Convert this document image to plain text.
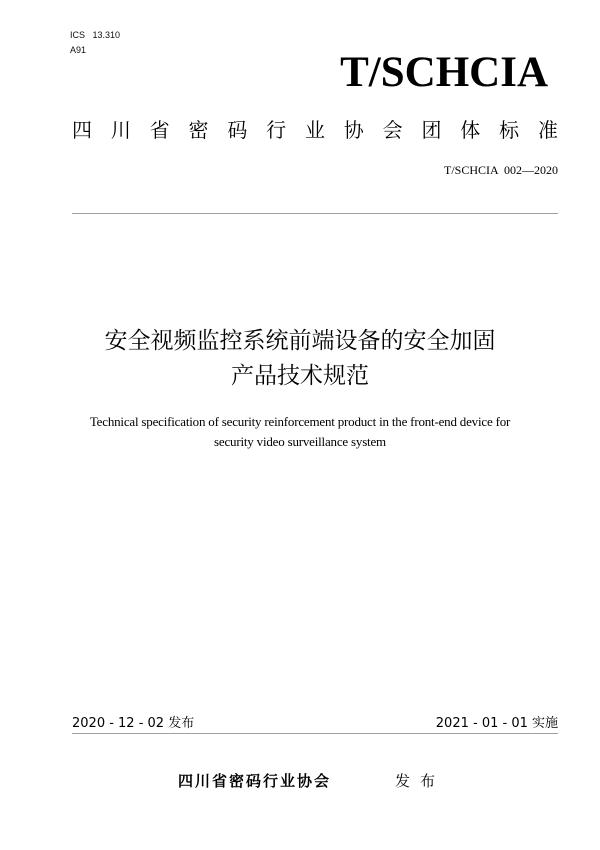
ICS   13.310
A91	T/SCHCIA
四 川 省 密 码 行 业 协 会 团 体 标 准
T/SCHCIA  002—2020
安全视频监控系统前端设备的安全加固
产品技术规范
Technical specification of security reinforcement product in the front-end device for
security video surveillance system
2020 - 12 - 02 发布	2021 - 01 - 01 实施
四川省密码行业协会	发布
